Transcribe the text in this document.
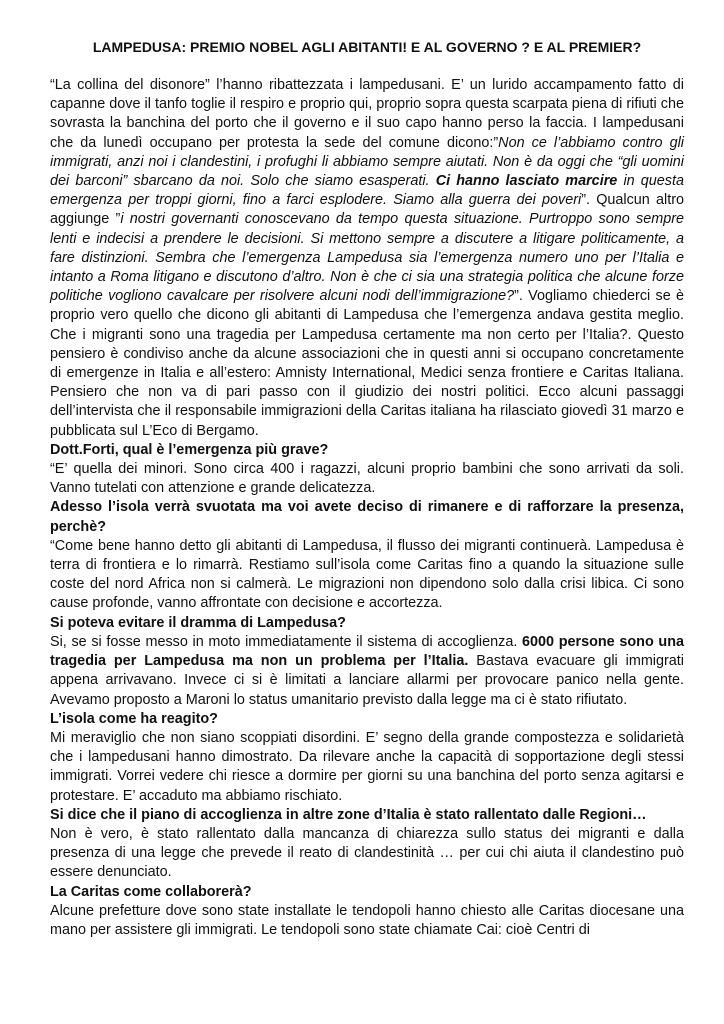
LAMPEDUSA: PREMIO NOBEL AGLI ABITANTI! E AL GOVERNO ? E AL PREMIER?

“La collina del disonore” l’hanno ribattezzata i lampedusani. E’ un lurido accampamento fatto di capanne dove il tanfo toglie il respiro e proprio qui, proprio sopra questa scarpata piena di rifiuti che sovrasta la banchina del porto che il governo e il suo capo hanno perso la faccia. I lampedusani che da lunedì occupano per protesta la sede del comune dicono:”Non ce l’abbiamo contro gli immigrati, anzi noi i clandestini, i profughi li abbiamo sempre aiutati. Non è da oggi che “gli uomini dei barconi” sbarcano da noi. Solo che siamo esasperati. Ci hanno lasciato marcire in questa emergenza per troppi giorni, fino a farci esplodere. Siamo alla guerra dei poveri”. Qualcun altro aggiunge ”i nostri governanti conoscevano da tempo questa situazione. Purtroppo sono sempre lenti e indecisi a prendere le decisioni. Si mettono sempre a discutere a litigare politicamente, a fare distinzioni. Sembra che l’emergenza Lampedusa sia l’emergenza numero uno per l’Italia e intanto a Roma litigano e discutono d’altro. Non è che ci sia una strategia politica che alcune forze politiche vogliono cavalcare per risolvere alcuni nodi dell’immigrazione?”. Vogliamo chiederci se è proprio vero quello che dicono gli abitanti di Lampedusa che l’emergenza andava gestita meglio. Che i migranti sono una tragedia per Lampedusa certamente ma non certo per l’Italia?. Questo pensiero è condiviso anche da alcune associazioni che in questi anni si occupano concretamente di emergenze in Italia e all’estero: Amnisty International, Medici senza frontiere e Caritas Italiana. Pensiero che non va di pari passo con il giudizio dei nostri politici. Ecco alcuni passaggi dell’intervista che il responsabile immigrazioni della Caritas italiana ha rilasciato giovedì 31 marzo e pubblicata sul L’Eco di Bergamo.

Dott.Forti, qual è l’emergenza più grave?

“E’ quella dei minori. Sono circa 400 i ragazzi, alcuni proprio bambini che sono arrivati da soli. Vanno tutelati con attenzione e grande delicatezza.

Adesso l’isola verrà svuotata ma voi avete deciso di rimanere e di rafforzare la presenza, perchè?

“Come bene hanno detto gli abitanti di Lampedusa, il flusso dei migranti continuerà. Lampedusa è terra di frontiera e lo rimarrà. Restiamo sull’isola come Caritas fino a quando la situazione sulle coste del nord Africa non si calmerà. Le migrazioni non dipendono solo dalla crisi libica. Ci sono cause profonde, vanno affrontate con decisione e accortezza.

Si poteva evitare il dramma di Lampedusa?

Si, se si fosse messo in moto immediatamente il sistema di accoglienza. 6000 persone sono una tragedia per Lampedusa ma non un problema per l’Italia. Bastava evacuare gli immigrati appena arrivavano. Invece ci si è limitati a lanciare allarmi per provocare panico nella gente. Avevamo proposto a Maroni lo status umanitario previsto dalla legge ma ci è stato rifiutato.

L’isola come ha reagito?

Mi meraviglio che non siano scoppiati disordini. E’ segno della grande compostezza e solidarietà che i lampedusani hanno dimostrato. Da rilevare anche la capacità di sopportazione degli stessi immigrati. Vorrei vedere chi riesce a dormire per giorni su una banchina del porto senza agitarsi e protestare. E’ accaduto ma abbiamo rischiato.

Si dice che il piano di accoglienza in altre zone d’Italia è stato rallentato dalle Regioni…

Non è vero, è stato rallentato dalla mancanza di chiarezza sullo status dei migranti e dalla presenza di una legge che prevede il reato di clandestinità … per cui chi aiuta il clandestino può essere denunciato.

La Caritas come collaborerà?

Alcune prefetture dove sono state installate le tendopoli hanno chiesto alle Caritas diocesane una mano per assistere gli immigrati. Le tendopoli sono state chiamate Cai: cioè Centri di
